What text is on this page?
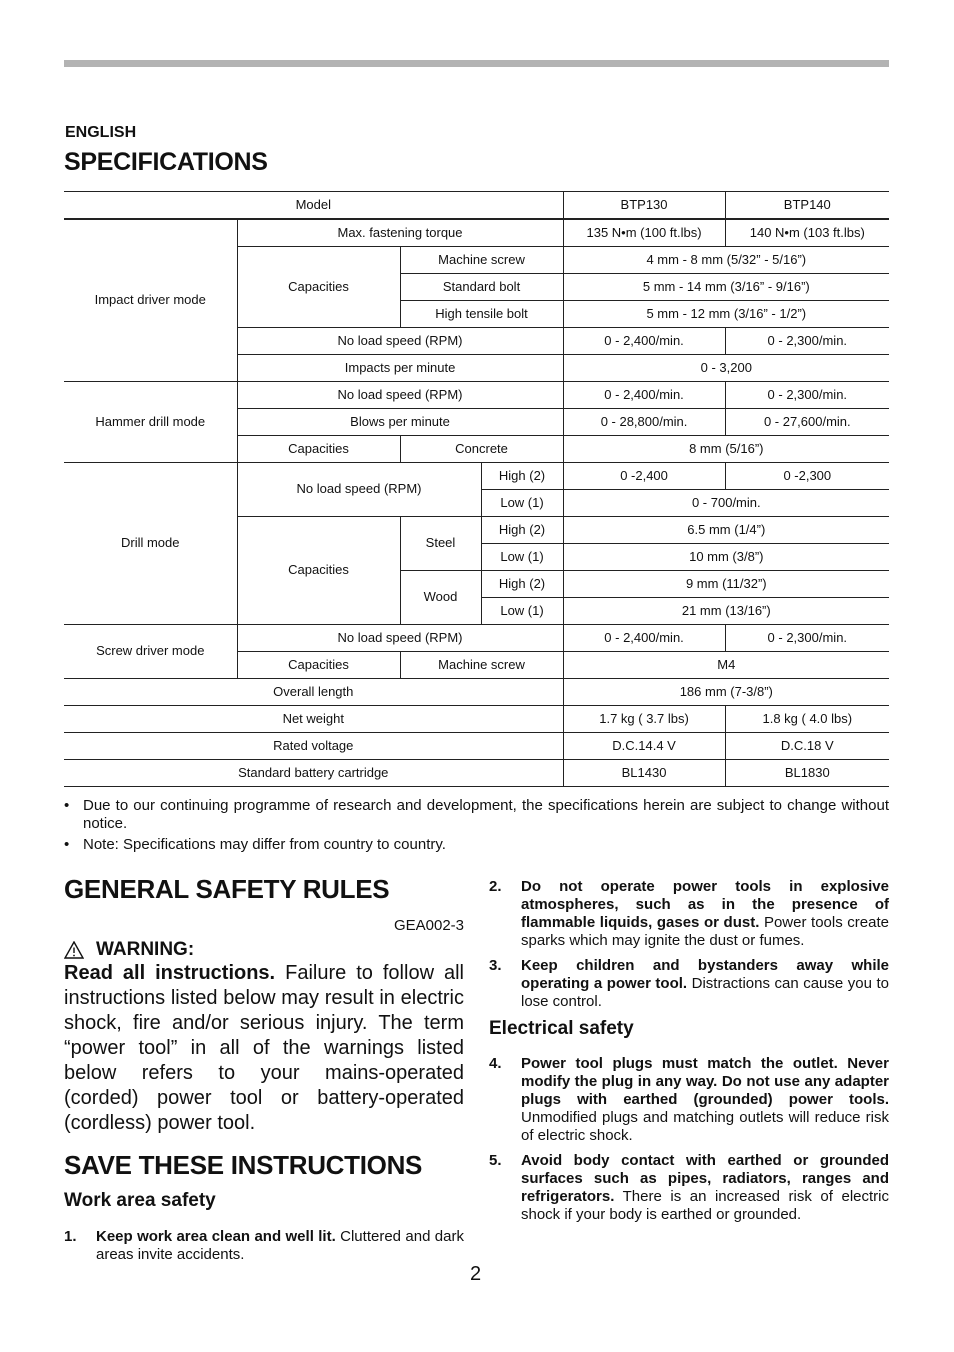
ENGLISH
SPECIFICATIONS
Model				BTP130	BTP140
Impact driver mode	Max. fastening torque			135 N•m (100 ft.lbs)	140 N•m (103 ft.lbs)
	Capacities	Machine screw		4 mm - 8 mm (5/32” - 5/16”)	
		Standard bolt		5 mm - 14 mm (3/16” - 9/16”)	
		High tensile bolt		5 mm - 12 mm (3/16” - 1/2”)	
	No load speed (RPM)			0 - 2,400/min.	0 - 2,300/min.
	Impacts per minute			0 - 3,200	
Hammer drill mode	No load speed (RPM)			0 - 2,400/min.	0 - 2,300/min.
	Blows per minute			0 - 28,800/min.	0 - 27,600/min.
	Capacities	Concrete		8 mm (5/16”)	
Drill mode	No load speed (RPM)		High (2)	0 -2,400	0 -2,300
			Low (1)	0 - 700/min.	
	Capacities	Steel	High (2)	6.5 mm (1/4”)	
			Low (1)	10 mm (3/8”)	
		Wood	High (2)	9 mm (11/32”)	
			Low (1)	21 mm (13/16”)	
Screw driver mode	No load speed (RPM)			0 - 2,400/min.	0 - 2,300/min.
	Capacities	Machine screw		M4	
Overall length				186 mm (7-3/8”)	
Net weight				1.7 kg ( 3.7 lbs)	1.8 kg ( 4.0 lbs)
Rated voltage				D.C.14.4 V	D.C.18 V
Standard battery cartridge				BL1430	BL1830
• Due to our continuing programme of research and development, the specifications herein are subject to change without notice.
• Note: Specifications may differ from country to country.
GENERAL SAFETY RULES
GEA002-3
WARNING:
Read all instructions. Failure to follow all instructions listed below may result in electric shock, fire and/or serious injury. The term “power tool” in all of the warnings listed below refers to your mains-operated (corded) power tool or battery-operated (cordless) power tool.
SAVE THESE INSTRUCTIONS
Work area safety
1.	Keep work area clean and well lit. Cluttered and dark areas invite accidents.
2.	Do not operate power tools in explosive atmospheres, such as in the presence of flammable liquids, gases or dust. Power tools create sparks which may ignite the dust or fumes.
3.	Keep children and bystanders away while operating a power tool. Distractions can cause you to lose control.
Electrical safety
4.	Power tool plugs must match the outlet. Never modify the plug in any way. Do not use any adapter plugs with earthed (grounded) power tools. Unmodified plugs and matching outlets will reduce risk of electric shock.
5.	Avoid body contact with earthed or grounded surfaces such as pipes, radiators, ranges and refrigerators. There is an increased risk of electric shock if your body is earthed or grounded.
2
